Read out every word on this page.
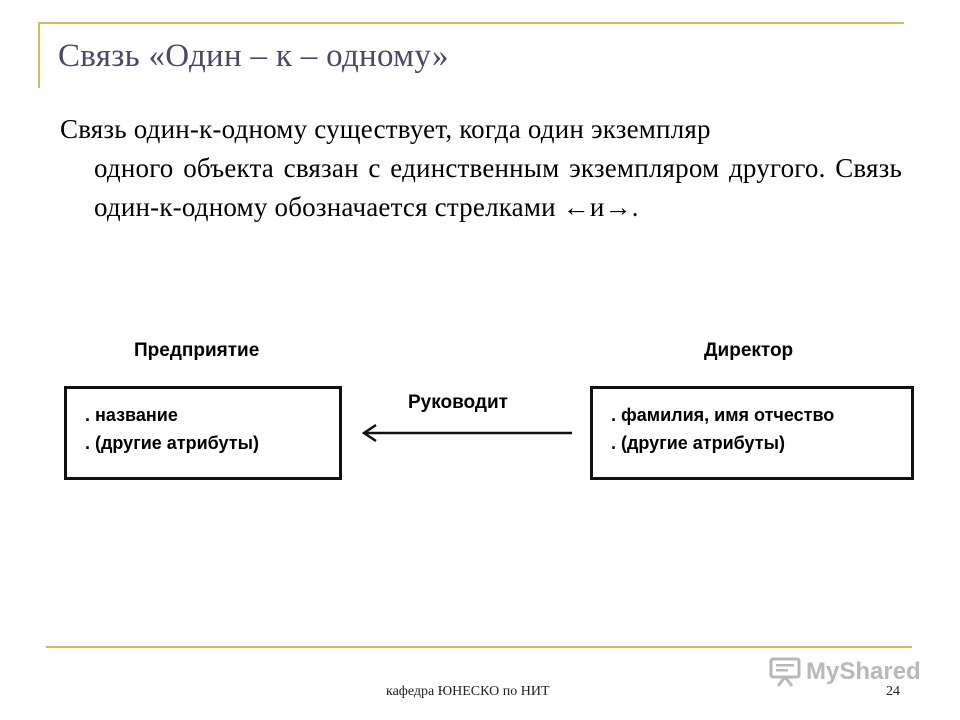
Связь «Один – к – одному»
Связь один-к-одному существует, когда один экземпляр
одного объекта связан с единственным экземпляром другого. Связь один-к-одному обозначается стрелками ←и→.
Предприятие	Директор
. название
. (другие атрибуты)
. фамилия, имя отчество
. (другие атрибуты)
Руководит
кафедра ЮНЕСКО по НИТ	24
MyShared
